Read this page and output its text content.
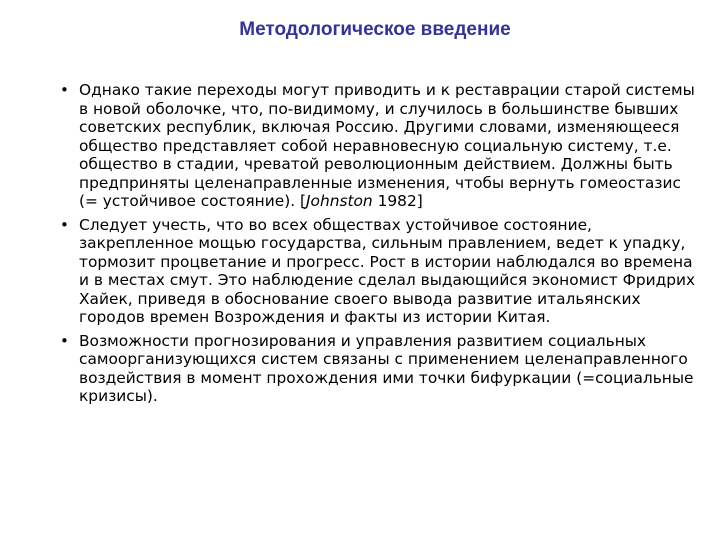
Методологическое введение
• Однако такие переходы могут приводить и к реставрации старой системы в новой оболочке, что, по-видимому, и случилось в большинстве бывших советских республик, включая Россию. Другими словами, изменяющееся общество представляет собой неравновесную социальную систему, т.е. общество в стадии, чреватой революционным действием. Должны быть предприняты целенаправленные изменения, чтобы вернуть гомеостазис (= устойчивое состояние). [Johnston 1982]
• Следует учесть, что во всех обществах устойчивое состояние, закрепленное мощью государства, сильным правлением, ведет к упадку, тормозит процветание и прогресс. Рост в истории наблюдался во времена и в местах смут. Это наблюдение сделал выдающийся экономист Фридрих Хайек, приведя в обоснование своего вывода развитие итальянских городов времен Возрождения и факты из истории Китая.
• Возможности прогнозирования и управления развитием социальных самоорганизующихся систем связаны с применением целенаправленного воздействия в момент прохождения ими точки бифуркации (=социальные кризисы).
